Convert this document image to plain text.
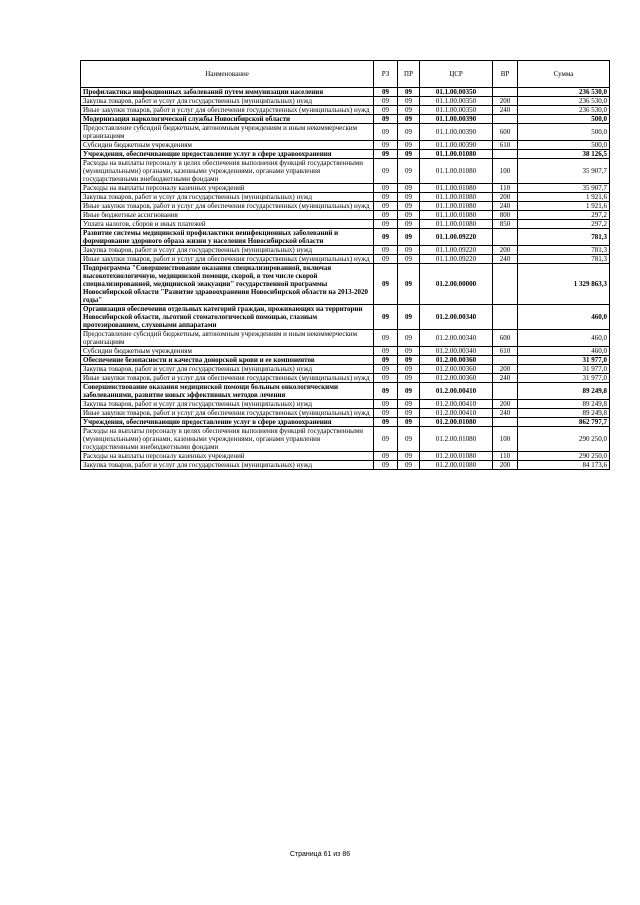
Наименование	РЗ	ПР	ЦСР	ВР	Сумма
Профилактика инфекционных заболеваний путем иммунизации населения	09	09	01.1.00.00350		236 530,0
Закупка товаров, работ и услуг для государственных (муниципальных) нужд	09	09	01.1.00.00350	200	236 530,0
Иные закупки товаров, работ и услуг для обеспечения государственных (муниципальных) нужд	09	09	01.1.00.00350	240	236 530,0
Модернизация наркологической службы Новосибирской области	09	09	01.1.00.00390		500,0
Предоставление субсидий бюджетным, автономным учреждениям и иным некоммерческим организациям	09	09	01.1.00.00390	600	500,0
Субсидии бюджетным учреждениям	09	09	01.1.00.00390	610	500,0
Учреждения, обеспечивающие предоставление услуг в сфере здравоохранения	09	09	01.1.00.01080		38 126,5
Расходы на выплаты персоналу в целях обеспечения выполнения функций государственными (муниципальными) органами, казенными учреждениями, органами управления государственными внебюджетными фондами	09	09	01.1.00.01080	100	35 907,7
Расходы на выплаты персоналу казенных учреждений	09	09	01.1.00.01080	110	35 907,7
Закупка товаров, работ и услуг для государственных (муниципальных) нужд	09	09	01.1.00.01080	200	1 921,6
Иные закупки товаров, работ и услуг для обеспечения государственных (муниципальных) нужд	09	09	01.1.00.01080	240	1 921,6
Иные бюджетные ассигнования	09	09	01.1.00.01080	800	297,2
Уплата налогов, сборов и иных платежей	09	09	01.1.00.01080	850	297,2
Развитие системы медицинской профилактики неинфекционных заболеваний и формирование здорового образа жизни у населения Новосибирской области	09	09	01.1.00.09220		781,3
Закупка товаров, работ и услуг для государственных (муниципальных) нужд	09	09	01.1.00.09220	200	781,3
Иные закупки товаров, работ и услуг для обеспечения государственных (муниципальных) нужд	09	09	01.1.00.09220	240	781,3
Подпрограмма "Совершенствование оказания специализированной, включая высокотехнологичную, медицинской помощи, скорой, в том числе скорой специализированной, медицинской эвакуации" государственной программы Новосибирской области "Развитие здравоохранения Новосибирской области на 2013-2020 годы"	09	09	01.2.00.00000		1 329 863,3
Организация обеспечения отдельных категорий граждан, проживающих на территории Новосибирской области, льготной стоматологической помощью, глазным протезированием, слуховыми аппаратами	09	09	01.2.00.00340		460,0
Предоставление субсидий бюджетным, автономным учреждениям и иным некоммерческим организациям	09	09	01.2.00.00340	600	460,0
Субсидии бюджетным учреждениям	09	09	01.2.00.00340	610	460,0
Обеспечение безопасности и качества донорской крови и ее компонентов	09	09	01.2.00.00360		31 977,0
Закупка товаров, работ и услуг для государственных (муниципальных) нужд	09	09	01.2.00.00360	200	31 977,0
Иные закупки товаров, работ и услуг для обеспечения государственных (муниципальных) нужд	09	09	01.2.00.00360	240	31 977,0
Совершенствование оказания медицинской помощи больным онкологическими заболеваниями, развитие новых эффективных методов лечения	09	09	01.2.00.00410		89 249,8
Закупка товаров, работ и услуг для государственных (муниципальных) нужд	09	09	01.2.00.00410	200	89 249,8
Иные закупки товаров, работ и услуг для обеспечения государственных (муниципальных) нужд	09	09	01.2.00.00410	240	89 249,8
Учреждения, обеспечивающие предоставление услуг в сфере здравоохранения	09	09	01.2.00.01080		862 797,7
Расходы на выплаты персоналу в целях обеспечения выполнения функций государственными (муниципальными) органами, казенными учреждениями, органами управления государственными внебюджетными фондами	09	09	01.2.00.01080	100	290 250,0
Расходы на выплаты персоналу казенных учреждений	09	09	01.2.00.01080	110	290 250,0
Закупка товаров, работ и услуг для государственных (муниципальных) нужд	09	09	01.2.00.01080	200	84 173,6
Страница 61 из 86
